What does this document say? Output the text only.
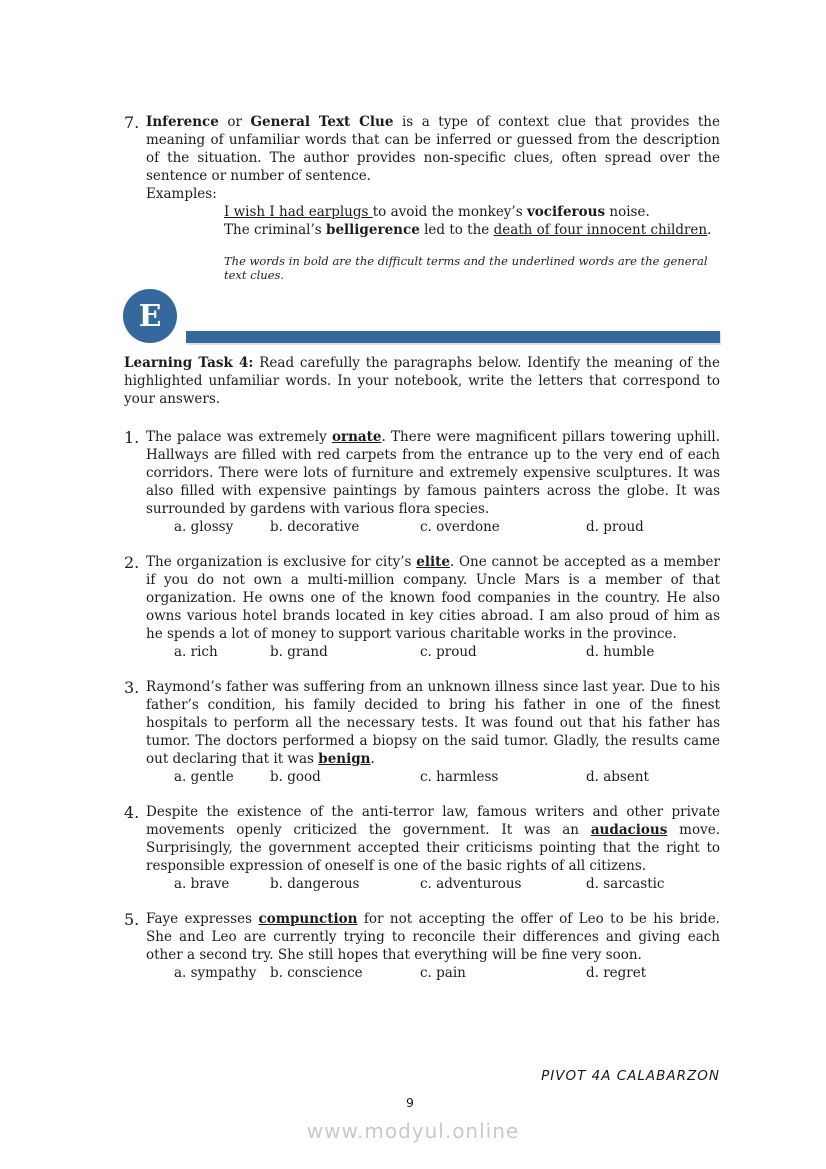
7. Inference or General Text Clue is a type of context clue that provides the meaning of unfamiliar words that can be inferred or guessed from the description of the situation. The author provides non-specific clues, often spread over the sentence or number of sentence.

Examples:

I wish I had earplugs to avoid the monkey’s vociferous noise.

The criminal’s belligerence led to the death of four innocent children.

The words in bold are the difficult terms and the underlined words are the general text clues.

E

Learning Task 4: Read carefully the paragraphs below. Identify the meaning of the highlighted unfamiliar words. In your notebook, write the letters that correspond to your answers.

1. The palace was extremely ornate. There were magnificent pillars towering uphill. Hallways are filled with red carpets from the entrance up to the very end of each corridors. There were lots of furniture and extremely expensive sculptures. It was also filled with expensive paintings by famous painters across the globe. It was surrounded by gardens with various flora species.

a. glossy	b. decorative	c. overdone	d. proud
2. The organization is exclusive for city’s elite. One cannot be accepted as a member if you do not own a multi-million company. Uncle Mars is a member of that organization. He owns one of the known food companies in the country. He also owns various hotel brands located in key cities abroad. I am also proud of him as he spends a lot of money to support various charitable works in the province.

a. rich	b. grand	c. proud	d. humble
3. Raymond’s father was suffering from an unknown illness since last year. Due to his father’s condition, his family decided to bring his father in one of the finest hospitals to perform all the necessary tests. It was found out that his father has tumor. The doctors performed a biopsy on the said tumor. Gladly, the results came out declaring that it was benign.

a. gentle	b. good	c. harmless	d. absent
4. Despite the existence of the anti-terror law, famous writers and other private movements openly criticized the government. It was an audacious move. Surprisingly, the government accepted their criticisms pointing that the right to responsible expression of oneself is one of the basic rights of all citizens.

a. brave	b. dangerous	c. adventurous	d. sarcastic
5. Faye expresses compunction for not accepting the offer of Leo to be his bride. She and Leo are currently trying to reconcile their differences and giving each other a second try. She still hopes that everything will be fine very soon.

a. sympathy	b. conscience	c. pain	d. regret
PIVOT 4A CALABARZON
9
www.modyul.online
